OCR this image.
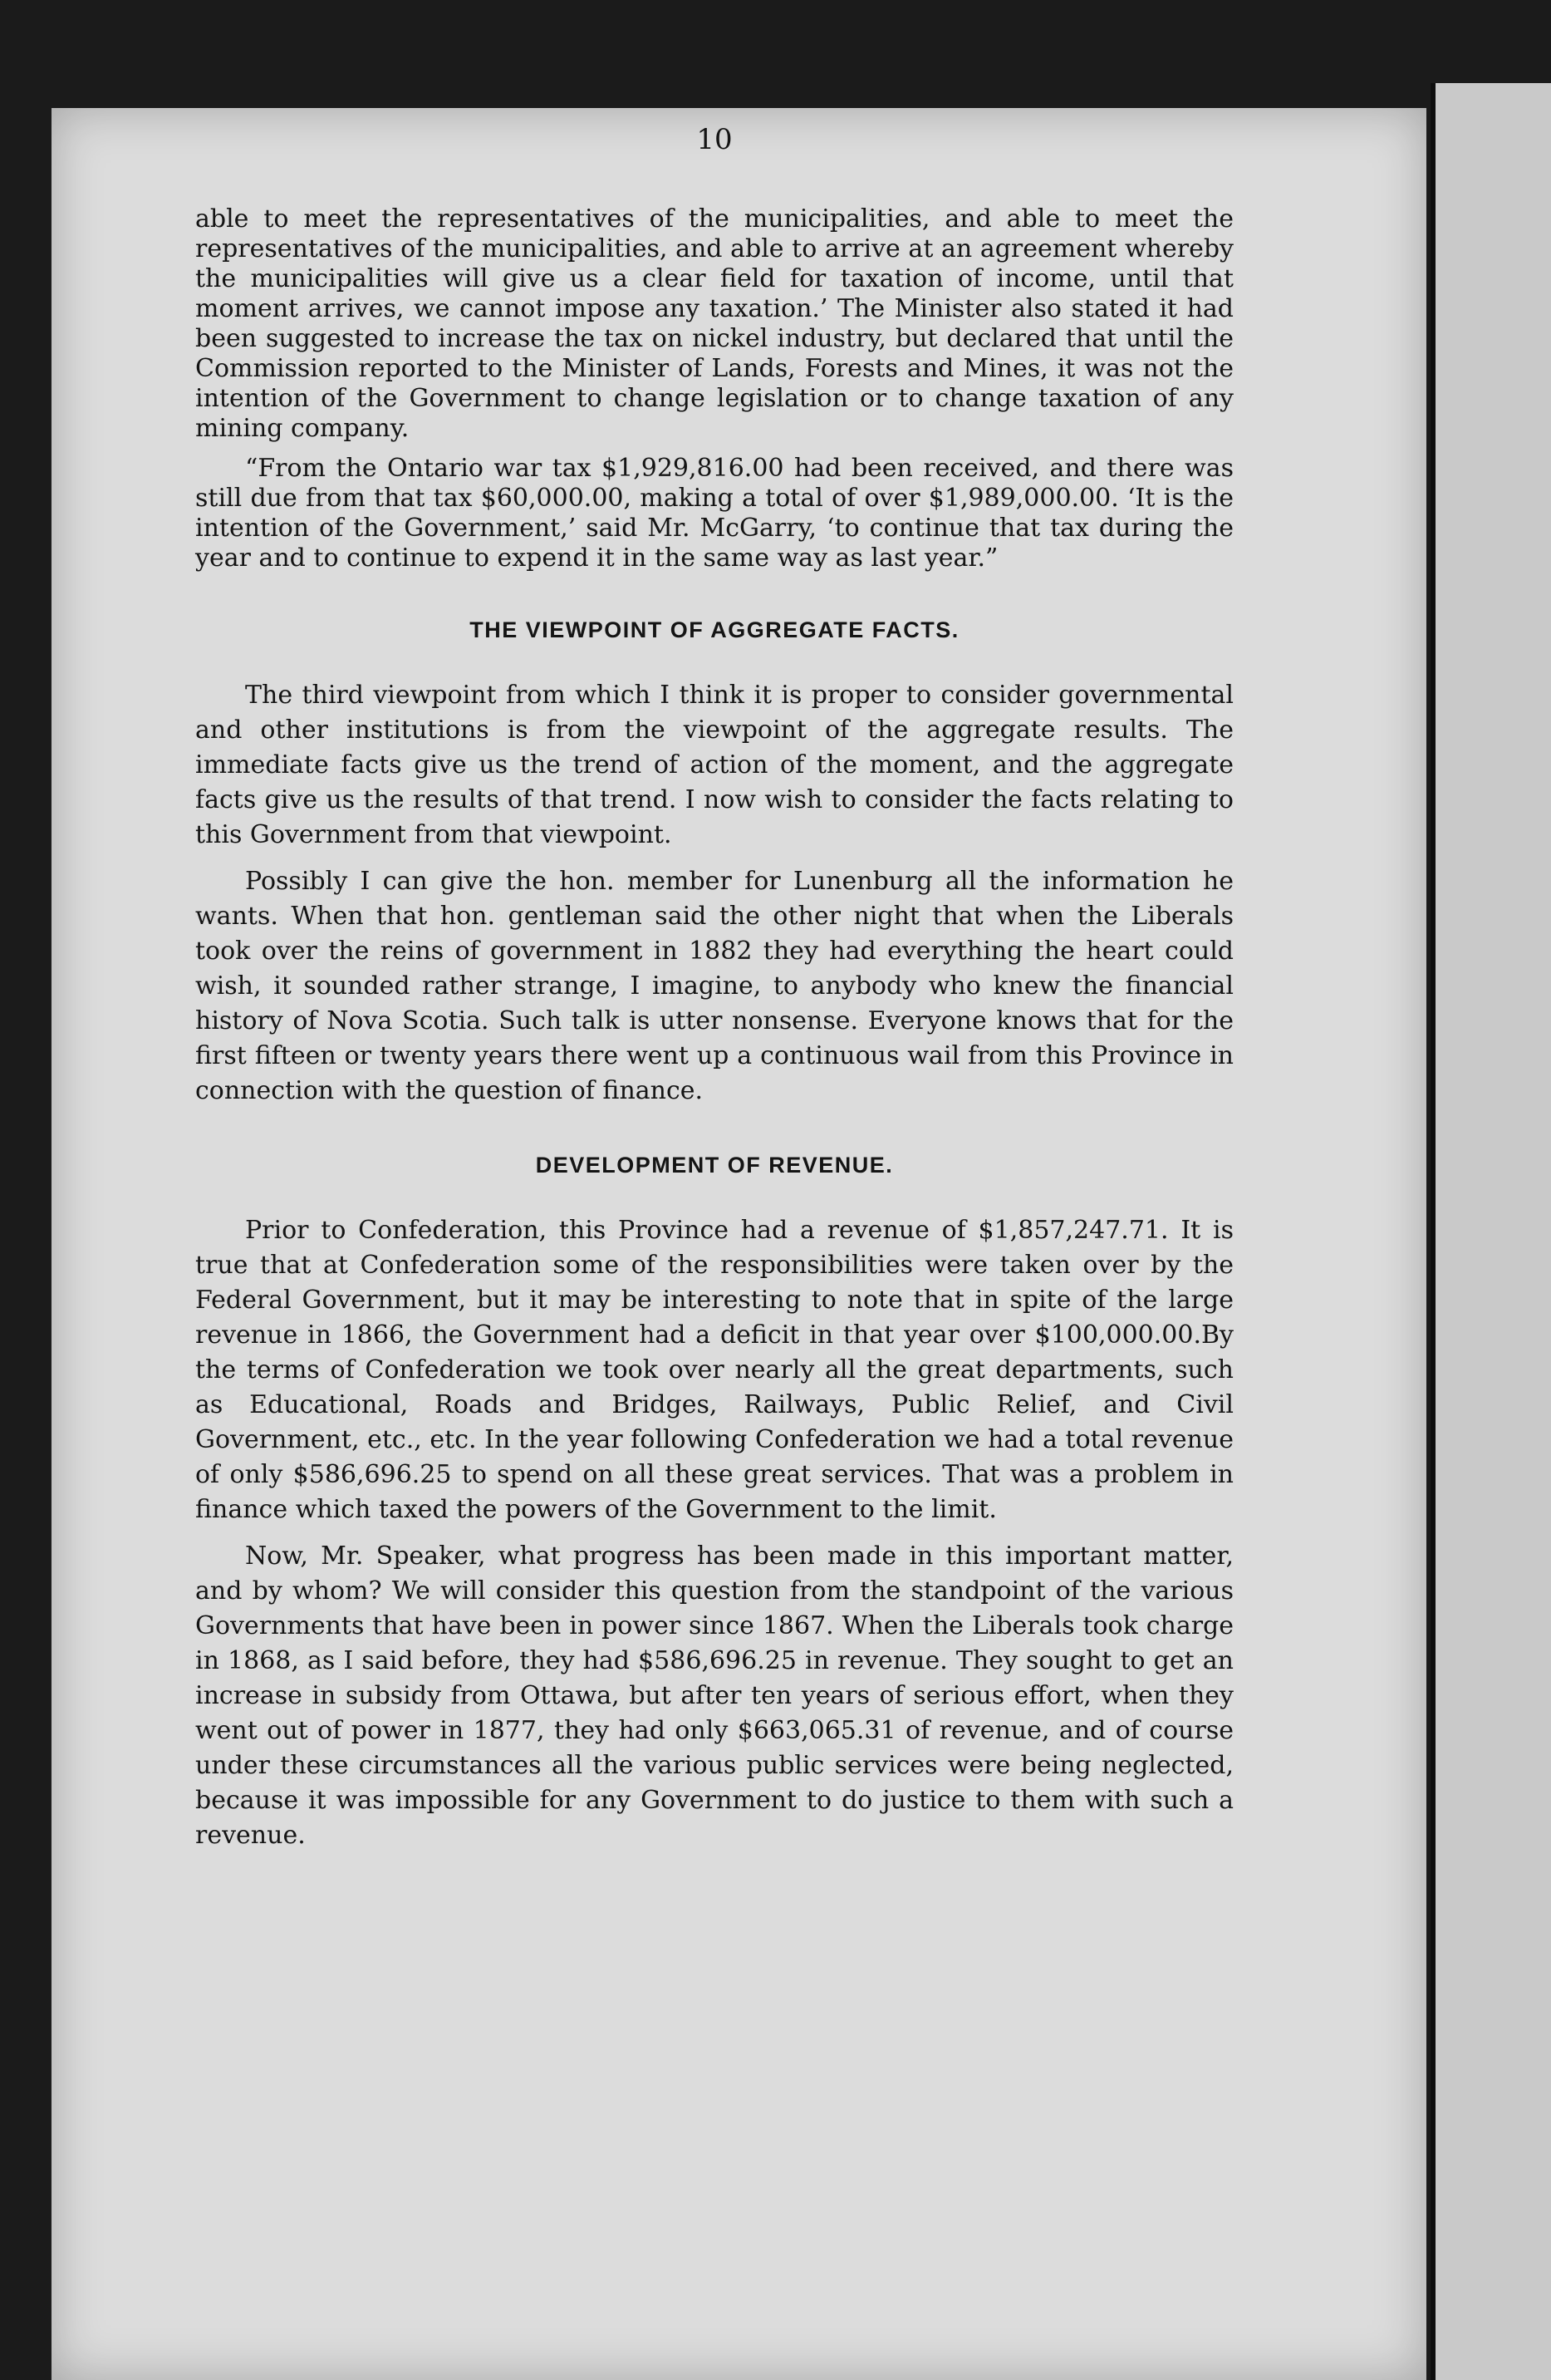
10

able to meet the representatives of the municipalities, and able to meet the representatives of the municipalities, and able to arrive at an agreement whereby the municipalities will give us a clear field for taxation of income, until that moment arrives, we cannot impose any taxation.’ The Minister also stated it had been suggested to increase the tax on nickel industry, but declared that until the Commission reported to the Minister of Lands, Forests and Mines, it was not the intention of the Government to change legislation or to change taxation of any mining company.

“From the Ontario war tax $1,929,816.00 had been received, and there was still due from that tax $60,000.00, making a total of over $1,989,000.00. ‘It is the intention of the Government,’ said Mr. McGarry, ‘to continue that tax during the year and to continue to expend it in the same way as last year.”

THE VIEWPOINT OF AGGREGATE FACTS.

The third viewpoint from which I think it is proper to consider governmental and other institutions is from the viewpoint of the aggregate results. The immediate facts give us the trend of action of the moment, and the aggregate facts give us the results of that trend. I now wish to consider the facts relating to this Government from that viewpoint.

Possibly I can give the hon. member for Lunenburg all the information he wants. When that hon. gentleman said the other night that when the Liberals took over the reins of government in 1882 they had everything the heart could wish, it sounded rather strange, I imagine, to anybody who knew the financial history of Nova Scotia. Such talk is utter nonsense. Everyone knows that for the first fifteen or twenty years there went up a continuous wail from this Province in connection with the question of finance.

DEVELOPMENT OF REVENUE.

Prior to Confederation, this Province had a revenue of $1,857,247.71. It is true that at Confederation some of the responsibilities were taken over by the Federal Government, but it may be interesting to note that in spite of the large revenue in 1866, the Government had a deficit in that year over $100,000.00.By the terms of Confederation we took over nearly all the great departments, such as Educational, Roads and Bridges, Railways, Public Relief, and Civil Government, etc., etc. In the year following Confederation we had a total revenue of only $586,696.25 to spend on all these great services. That was a problem in finance which taxed the powers of the Government to the limit.

Now, Mr. Speaker, what progress has been made in this important matter, and by whom? We will consider this question from the standpoint of the various Governments that have been in power since 1867. When the Liberals took charge in 1868, as I said before, they had $586,696.25 in revenue. They sought to get an increase in subsidy from Ottawa, but after ten years of serious effort, when they went out of power in 1877, they had only $663,065.31 of revenue, and of course under these circumstances all the various public services were being neglected, because it was impossible for any Government to do justice to them with such a revenue.
